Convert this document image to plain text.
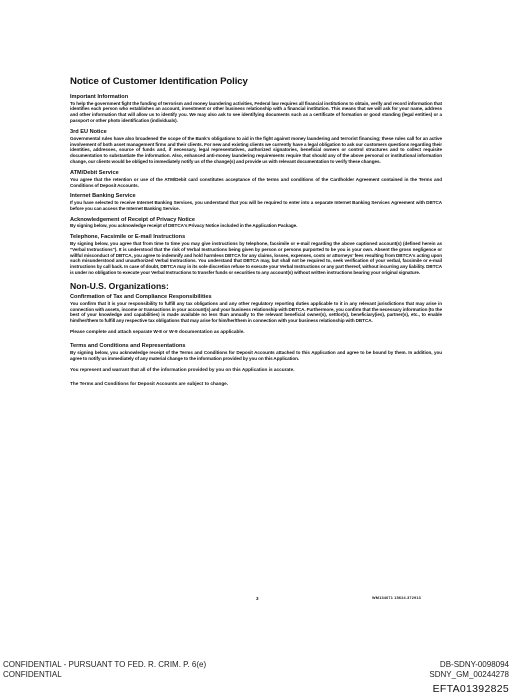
Notice of Customer Identification Policy
Important Information
To help the government fight the funding of terrorism and money laundering activities, Federal law requires all financial institutions to obtain, verify and record information that identifies each person who establishes an account, investment or other business relationship with a financial institution. This means that we will ask for your name, address and other information that will allow us to identify you. We may also ask to see identifying documents such as a certificate of formation or good standing (legal entities) or a passport or other photo identification (individuals).
3rd EU Notice
Governmental rules have also broadened the scope of the Bank's obligations to aid in the fight against money laundering and terrorist financing; these rules call for an active involvement of both asset management firms and their clients. For new and existing clients we currently have a legal obligation to ask our customers questions regarding their identities, addresses, source of funds and, if necessary, legal representatives, authorized signatories, beneficial owners or control structures and to collect requisite documentation to substantiate the information. Also, enhanced anti-money laundering requirements require that should any of the above personal or institutional information change, our clients would be obliged to immediately notify us of the change(s) and provide us with relevant documentation to verify these changes.
ATM/Debit Service
You agree that the retention or use of the ATM/Debit card constitutes acceptance of the terms and conditions of the Cardholder Agreement contained in the Terms and Conditions of Deposit Accounts.
Internet Banking Service
If you have selected to receive Internet Banking Services, you understand that you will be required to enter into a separate Internet Banking Services Agreement with DBTCA before you can access the Internet Banking Service.
Acknowledgement of Receipt of Privacy Notice
By signing below, you acknowledge receipt of DBTCA's Privacy Notice included in the Application Package.
Telephone, Facsimile or E-mail Instructions
By signing below, you agree that from time to time you may give instructions by telephone, facsimile or e-mail regarding the above captioned account(s) (defined herein as "Verbal Instructions"). It is understood that the risk of Verbal Instructions being given by person or persons purported to be you is your own. Absent the gross negligence or willful misconduct of DBTCA, you agree to indemnify and hold harmless DBTCA for any claims, losses, expenses, costs or attorneys' fees resulting from DBTCA's acting upon such misunderstood and unauthorized Verbal Instructions. You understand that DBTCA may, but shall not be required to, seek verification of your verbal, facsimile or e-mail instructions by call back. In case of doubt, DBTCA may in its sole discretion refuse to execute your Verbal Instructions or any part thereof, without incurring any liability. DBTCA is under no obligation to execute your Verbal Instructions to transfer funds or securities to any account(s) without written instructions bearing your original signature.
Non-U.S. Organizations:
Confirmation of Tax and Compliance Responsibilities
You confirm that it is your responsibility to fulfill any tax obligations and any other regulatory reporting duties applicable to it in any relevant jurisdictions that may arise in connection with assets, income or transactions in your account(s) and your business relationship with DBTCA. Furthermore, you confirm that the necessary information (to the best of your knowledge and capabilities) is made available no less than annually to the relevant beneficial owner(s), settlor(s), beneficiary(ies), partner(s), etc., to enable him/her/them to fulfill any respective tax obligations that may arise for him/her/them in connection with your business relationship with DBTCA.
Please complete and attach separate W-8 or W-9 documentation as applicable.
Terms and Conditions and Representations
By signing below, you acknowledge receipt of the Terms and Conditions for Deposit Accounts attached to this Application and agree to be bound by them. In addition, you agree to notify us immediately of any material change to the information provided by you on this Application.
You represent and warrant that all of the information provided by you on this Application is accurate.
The Terms and Conditions for Deposit Accounts are subject to change.
3	WM134671 15624.372913
CONFIDENTIAL - PURSUANT TO FED. R. CRIM. P. 6(e)
CONFIDENTIAL
DB-SDNY-0098094
SDNY_GM_00244278
EFTA01392825
